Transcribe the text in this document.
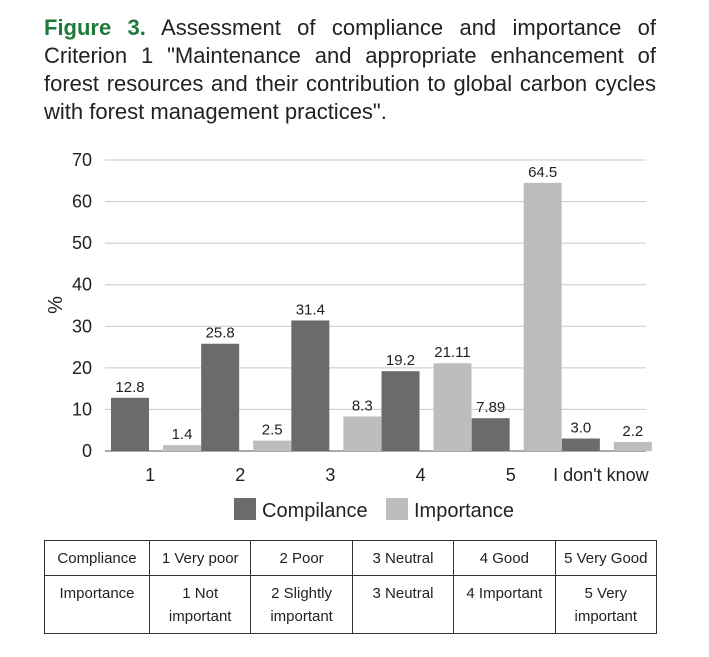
Figure 3. Assessment of compliance and importance of Criterion 1 "Maintenance and appropriate enhancement of forest resources and their contribution to global carbon cycles with forest management practices".
0
10
20
30
40
50
60
70
%
12.8
1.4
1
25.8
2.5
2
31.4
8.3
3
19.2 21.11
4
7.89
64.5
5
3.0 2.2
I don't know
Compilance Importance
Compliance	1 Very poor	2 Poor	3 Neutral	4 Good	5 Very Good
Importance	1 Not important	2 Slightly important	3 Neutral	4 Important	5 Very important
